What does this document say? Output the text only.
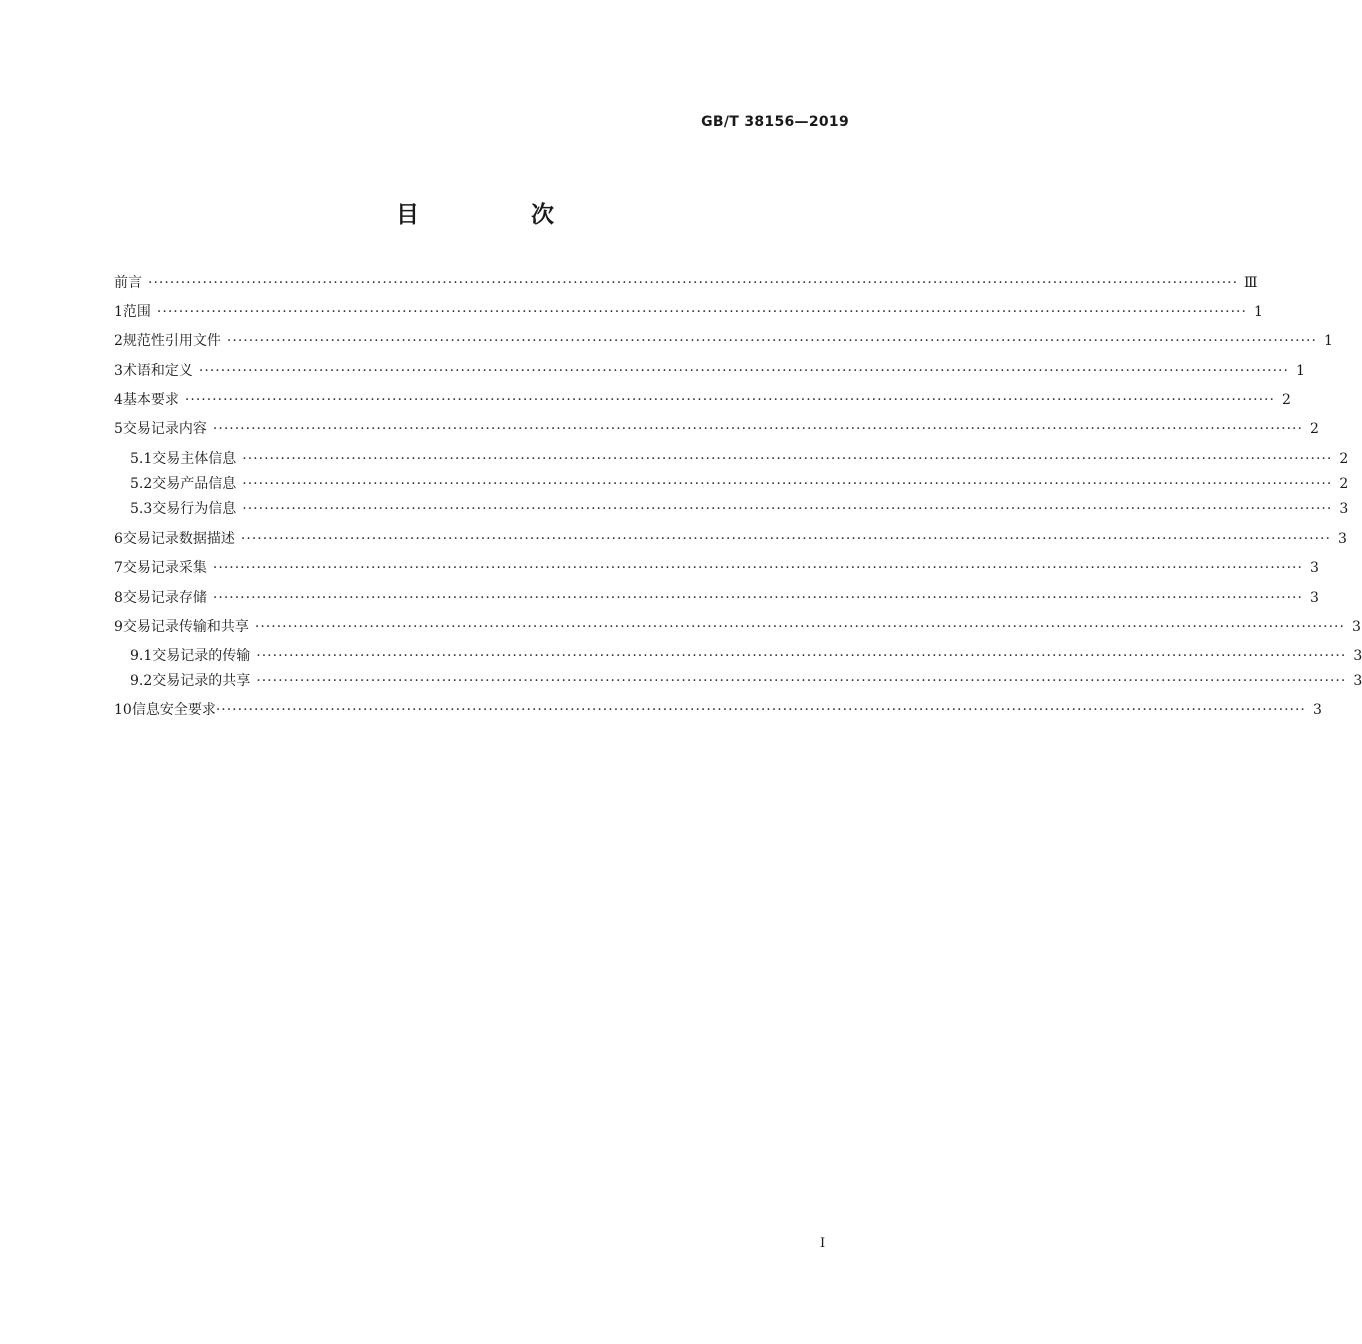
GB/T 38156—2019
目 次
前言 ········································································································································································································ Ⅲ
1 范围 ········································································································································································································ 1
2 规范性引用文件 ········································································································································································································ 1
3 术语和定义 ········································································································································································································ 1
4 基本要求 ········································································································································································································ 2
5 交易记录内容 ········································································································································································································ 2
5.1 交易主体信息 ········································································································································································································ 2
5.2 交易产品信息 ········································································································································································································ 2
5.3 交易行为信息 ········································································································································································································ 3
6 交易记录数据描述 ········································································································································································································ 3
7 交易记录采集 ········································································································································································································ 3
8 交易记录存储 ········································································································································································································ 3
9 交易记录传输和共享 ········································································································································································································ 3
9.1 交易记录的传输 ········································································································································································································ 3
9.2 交易记录的共享 ········································································································································································································ 3
10 信息安全要求 ········································································································································································································ 3
I
